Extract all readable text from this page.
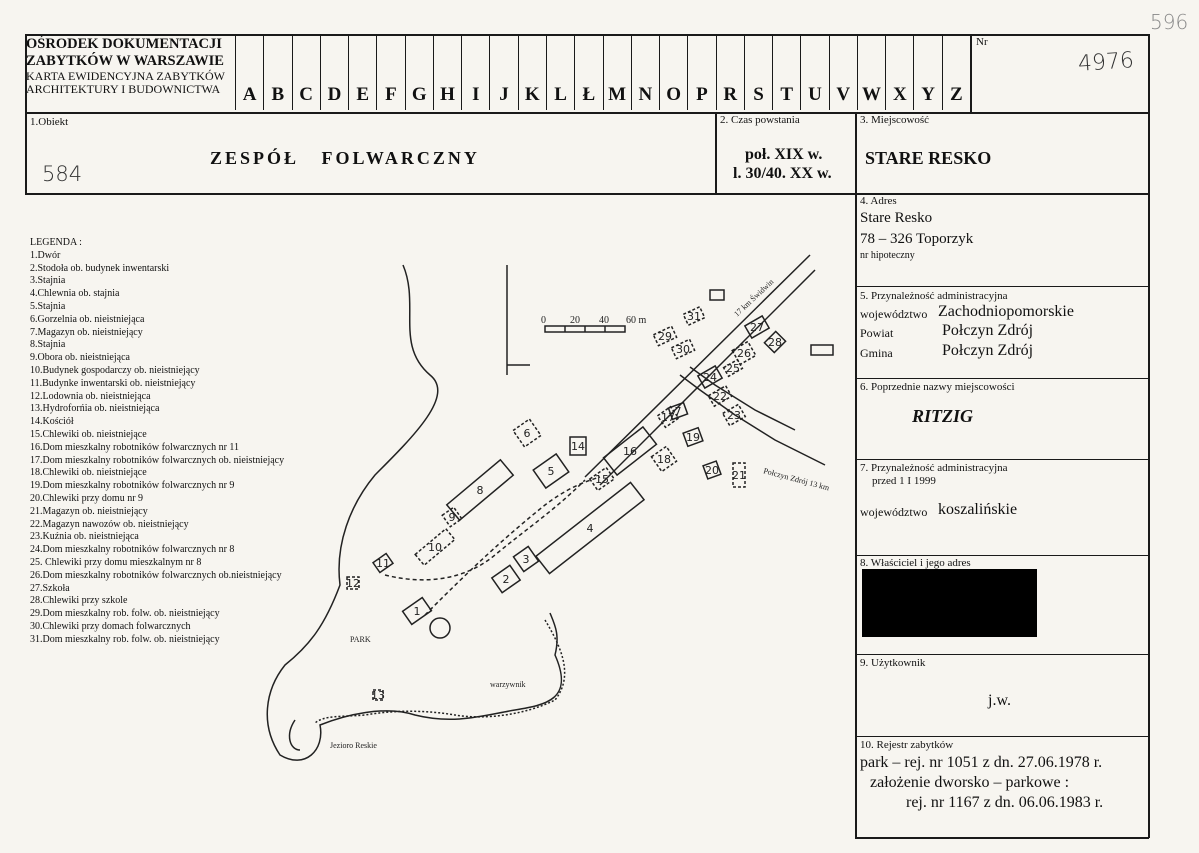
OŚRODEK DOKUMENTACJI
ZABYTKÓW W WARSZAWIE
KARTA EWIDENCYJNA ZABYTKÓW
ARCHITEKTURY I BUDOWNICTWA	A B C D E F G H I	J K L Ł M N O P R S T U V W X Y Z
Nr
4976
596
1.Obiekt
ZESPÓŁ   FOLWARCZNY
584
2. Czas powstania
poł. XIX w.
l. 30/40. XX w.
3. Miejscowość
STARE RESKO
4. Adres
Stare Resko
78 – 326 Toporzyk
nr hipoteczny
5. Przynależność administracyjna
województwo Zachodniopomorskie
Powiat	Połczyn Zdrój
Gmina	Połczyn Zdrój
6. Poprzednie nazwy miejscowości
RITZIG
7. Przynależność administracyjna
przed 1 I 1999
województwo koszalińskie
8. Właściciel i jego adres
9. Użytkownik
j.w.
10. Rejestr zabytków
park – rej. nr 1051 z dn. 27.06.1978 r.
założenie dworsko – parkowe :
rej. nr 1167 z dn. 06.06.1983 r.
LEGENDA :
1.Dwór
2.Stodoła ob. budynek inwentarski
3.Stajnia
4.Chlewnia ob. stajnia
5.Stajnia
6.Gorzelnia ob. nieistniejąca
7.Magazyn ob. nieistniejący
8.Stajnia
9.Obora ob. nieistniejąca
10.Budynek gospodarczy ob. nieistniejący
11.Budynke inwentarski ob. nieistniejący
12.Lodownia ob. nieistniejąca
13.Hydroforńia ob. nieistniejąca
14.Kościół
15.Chlewiki ob. nieistniejące
16.Dom mieszkalny robotników folwarcznych nr 11
17.Dom mieszkalny robotników folwarcznych ob. nieistniejący
18.Chlewiki ob. nieistniejące
19.Dom mieszkalny robotników folwarcznych nr 9
20.Chlewiki przy domu nr 9
21.Magazyn ob. nieistniejący
22.Magazyn nawozów ob. nieistniejący
23.Kuźnia ob. nieistniejąca
24.Dom mieszkalny robotników folwarcznych nr 8
25. Chlewiki przy domu mieszkalnym nr 8
26.Dom mieszkalny robotników folwarcznych ob.nieistniejący
27.Szkoła
28.Chlewiki przy szkole
29.Dom mieszkalny rob. folw. ob. nieistniejący
30.Chlewiki przy domach folwarcznych
31.Dom mieszkalny rob. folw. ob. nieistniejący
0 20 40 60 m
17 km Świdwin
Połczyn Zdrój 13 km
PARK
warzywnik
Jezioro Reskie
1
2
3
4
5
6
7
8
9
10
11
12
13
14
15
16
17
18
19
20 21
22
23
24
25
26
27
28
29
30
31
